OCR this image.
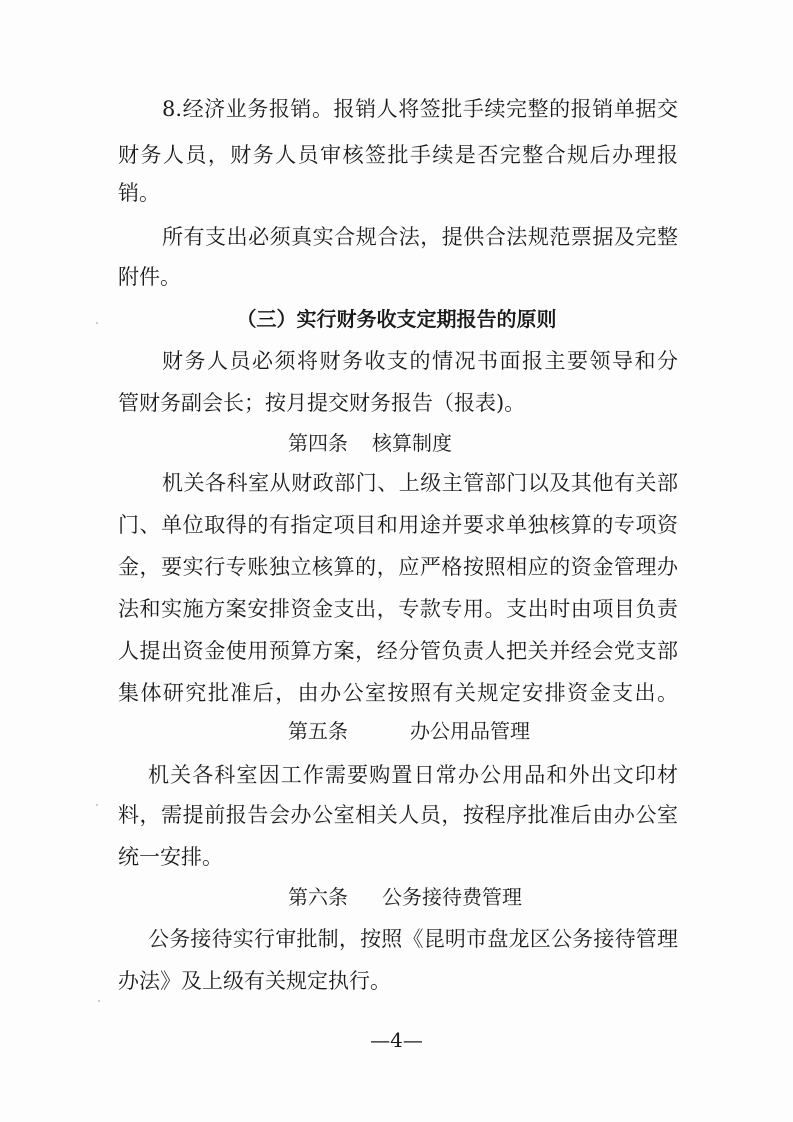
8.经济业务报销。报销人将签批手续完整的报销单据交
财务人员，财务人员审核签批手续是否完整合规后办理报
销。
所有支出必须真实合规合法，提供合法规范票据及完整
附件。
（三）实行财务收支定期报告的原则
财务人员必须将财务收支的情况书面报主要领导和分
管财务副会长；按月提交财务报告（报表)。
第四条 核算制度
机关各科室从财政部门、上级主管部门以及其他有关部
门、单位取得的有指定项目和用途并要求单独核算的专项资
金，要实行专账独立核算的，应严格按照相应的资金管理办
法和实施方案安排资金支出，专款专用。支出时由项目负责
人提出资金使用预算方案，经分管负责人把关并经会党支部
集体研究批准后，由办公室按照有关规定安排资金支出。
第五条	办公用品管理
机关各科室因工作需要购置日常办公用品和外出文印材
料，需提前报告会办公室相关人员，按程序批准后由办公室
统一安排。
第六条 公务接待费管理
公务接待实行审批制，按照《昆明市盘龙区公务接待管理
办法》及上级有关规定执行。
—4—
